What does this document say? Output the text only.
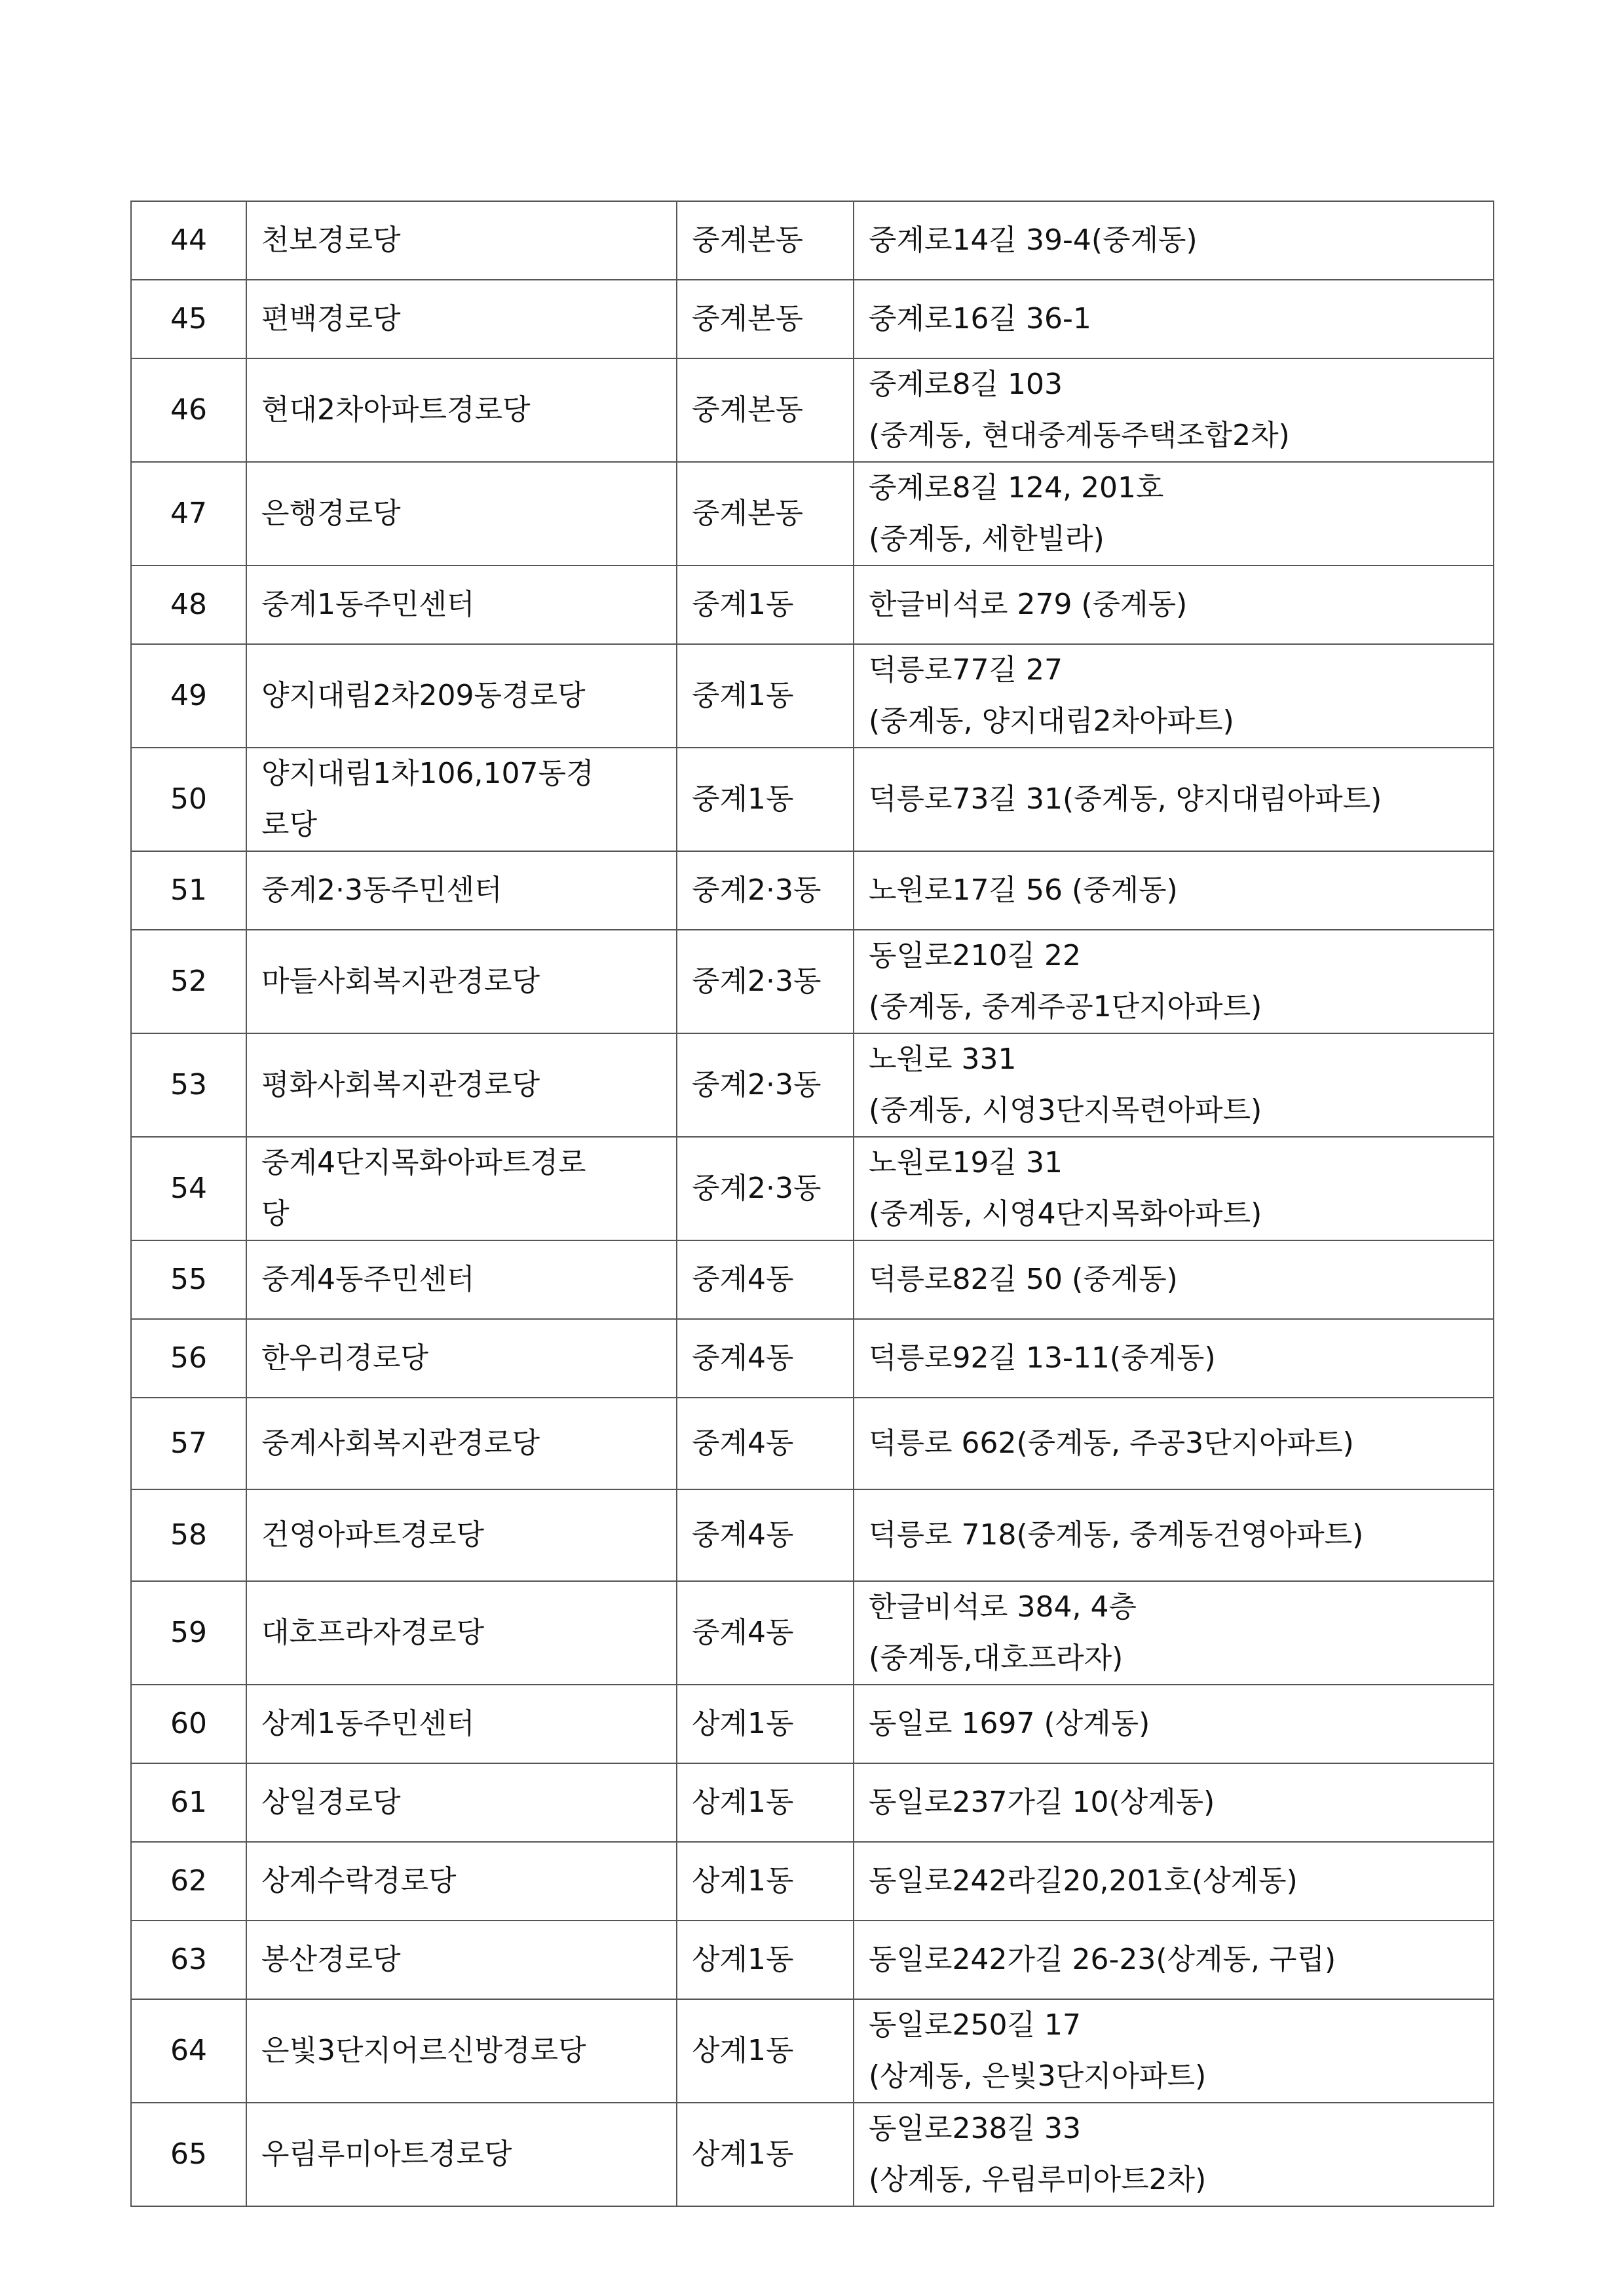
44	천보경로당	중계본동	중계로14길 39-4(중계동)

45	편백경로당	중계본동	중계로16길 36-1

46	현대2차아파트경로당	중계본동	중계로8길 103
(중계동, 현대중계동주택조합2차)

47	은행경로당	중계본동	중계로8길 124, 201호
(중계동, 세한빌라)

48	중계1동주민센터	중계1동	한글비석로 279 (중계동)

49	양지대림2차209동경로당	중계1동	덕릉로77길 27
(중계동, 양지대림2차아파트)

50	양지대림1차106,107동경
로당	중계1동	덕릉로73길 31(중계동, 양지대림아파트)

51	중계2·3동주민센터	중계2·3동	노원로17길 56 (중계동)

52	마들사회복지관경로당	중계2·3동	동일로210길 22
(중계동, 중계주공1단지아파트)

53	평화사회복지관경로당	중계2·3동	노원로 331
(중계동, 시영3단지목련아파트)

54	중계4단지목화아파트경로
당	중계2·3동	노원로19길 31
(중계동, 시영4단지목화아파트)

55	중계4동주민센터	중계4동	덕릉로82길 50 (중계동)

56	한우리경로당	중계4동	덕릉로92길 13-11(중계동)

57	중계사회복지관경로당	중계4동	덕릉로 662(중계동, 주공3단지아파트)

58	건영아파트경로당	중계4동	덕릉로 718(중계동, 중계동건영아파트)

59	대호프라자경로당	중계4동	한글비석로 384, 4층
(중계동,대호프라자)

60	상계1동주민센터	상계1동	동일로 1697 (상계동)

61	상일경로당	상계1동	동일로237가길 10(상계동)

62	상계수락경로당	상계1동	동일로242라길20,201호(상계동)

63	봉산경로당	상계1동	동일로242가길 26-23(상계동, 구립)

64	은빛3단지어르신방경로당	상계1동	동일로250길 17
(상계동, 은빛3단지아파트)

65	우림루미아트경로당	상계1동	동일로238길 33
(상계동, 우림루미아트2차)
